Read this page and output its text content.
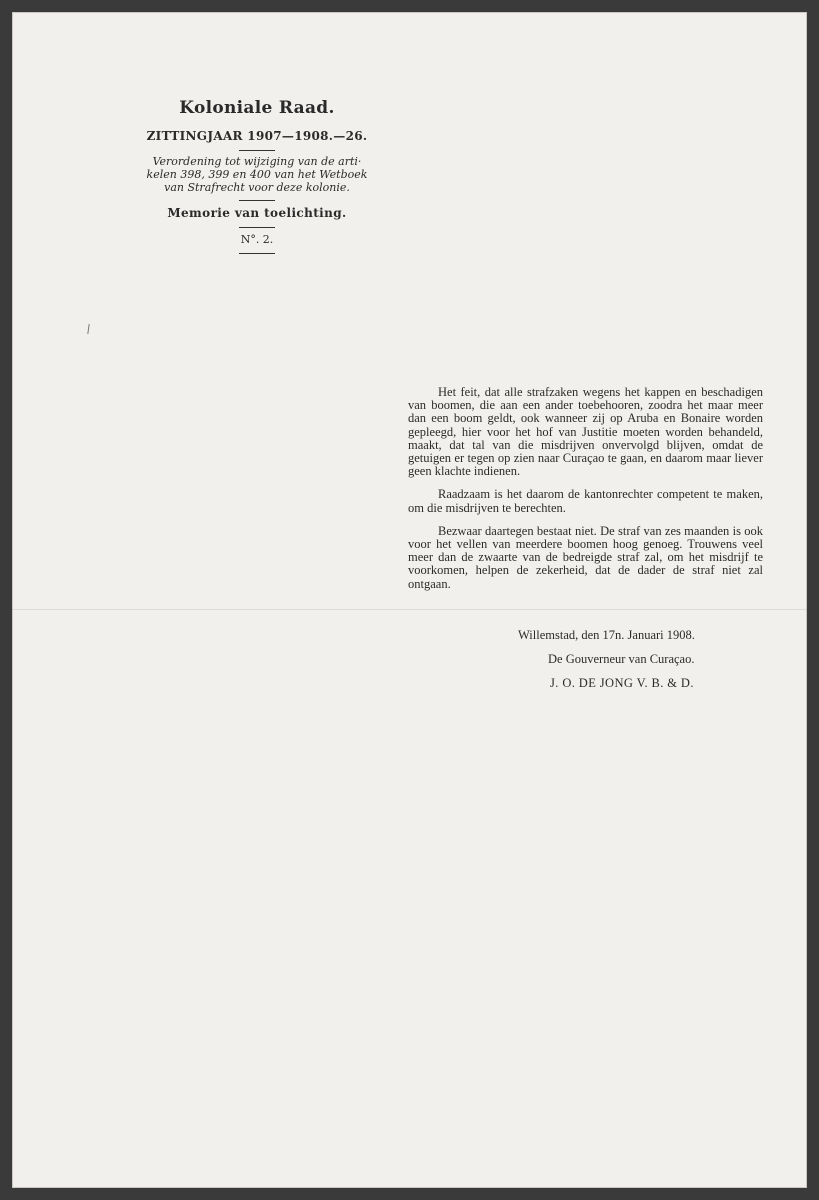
Koloniale Raad.
ZITTINGJAAR 1907—1908.—26.

Verordening tot wijziging van de arti·

kelen 398, 399 en 400 van het Wetboek

van Strafrecht voor deze kolonie.

Memorie van toelichting.
N°. 2.

Het feit, dat alle strafzaken wegens het kappen en beschadigen van boomen, die aan een ander toebehooren, zoodra het maar meer dan een boom geldt, ook wanneer zij op Aruba en Bonaire worden gepleegd, hier voor het hof van Justitie moeten worden behandeld, maakt, dat tal van die misdrijven onvervolgd blijven, omdat de getuigen er tegen op zien naar Curaçao te gaan, en daarom maar liever geen klachte indienen.

Raadzaam is het daarom de kantonrechter competent te maken, om die misdrijven te berechten.

Bezwaar daartegen bestaat niet. De straf van zes maanden is ook voor het vellen van meerdere boomen hoog genoeg. Trouwens veel meer dan de zwaarte van de bedreigde straf zal, om het misdrijf te voorkomen, helpen de zekerheid, dat de dader de straf niet zal ontgaan.

Willemstad, den 17n. Januari 1908.
De Gouverneur van Curaçao.
J. O. DE JONG V. B. & D.
